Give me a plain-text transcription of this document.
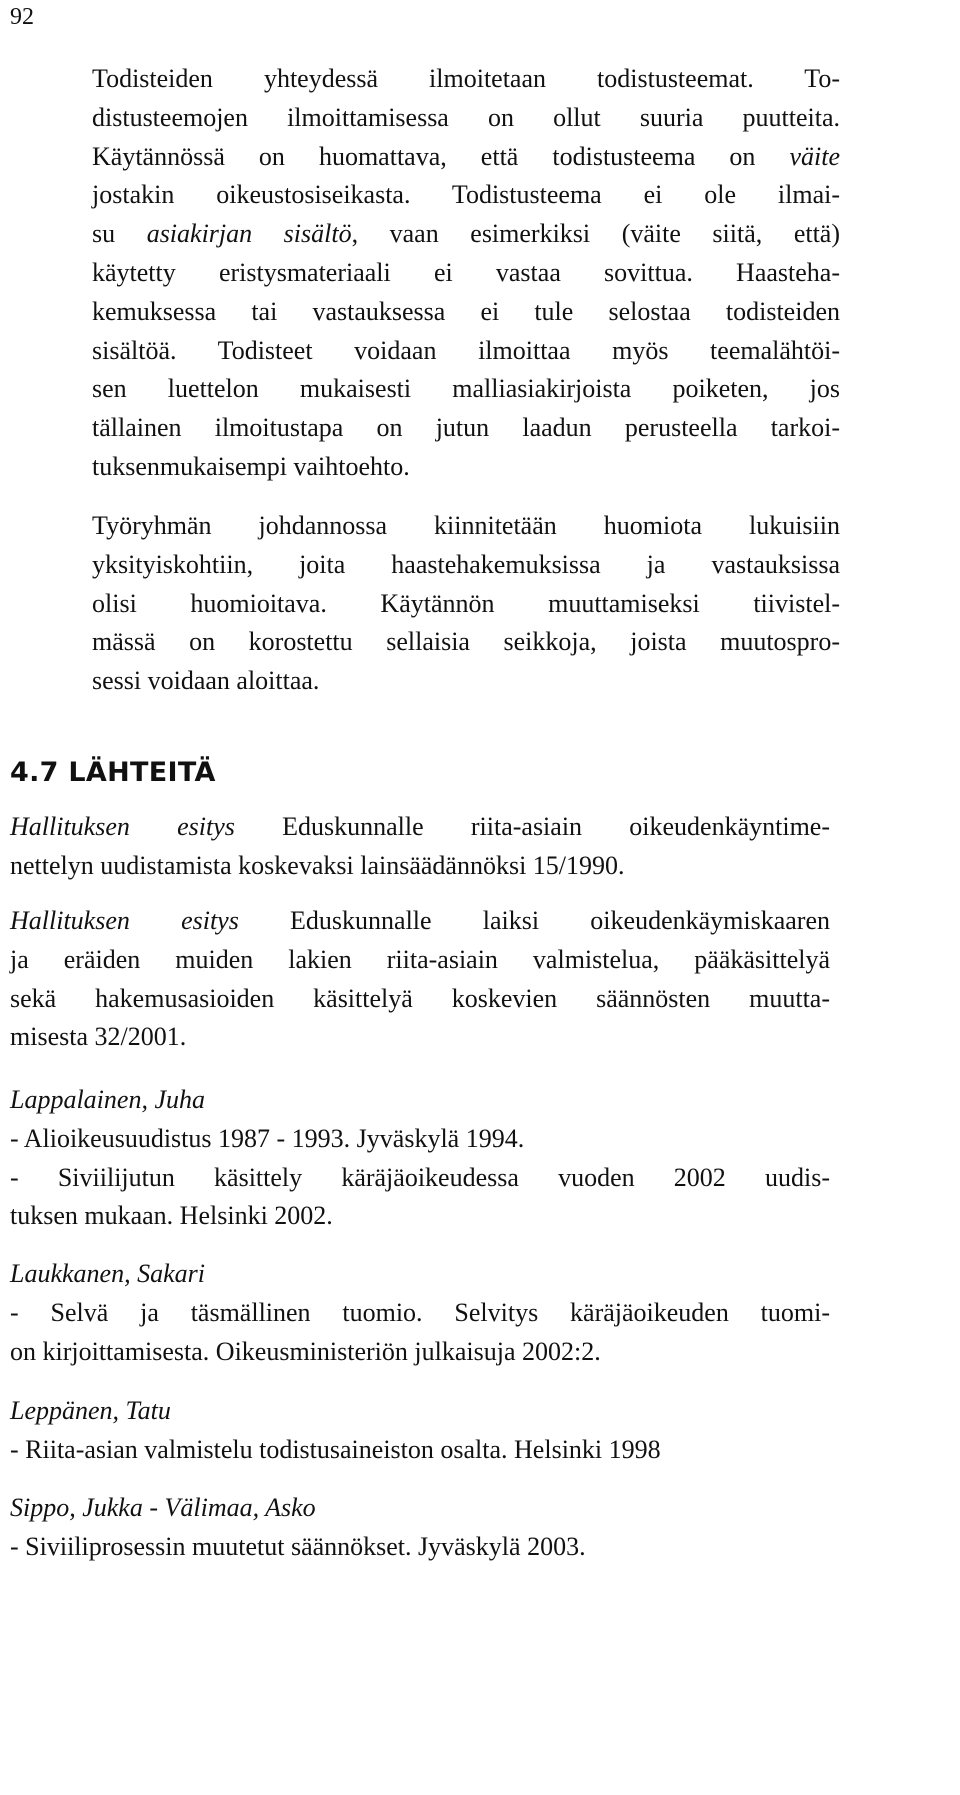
92
Todisteiden yhteydessä ilmoitetaan todistusteemat. To-
distusteemojen ilmoittamisessa on ollut suuria puutteita.
Käytännössä on huomattava, että todistusteema on väite
jostakin oikeustosiseikasta. Todistusteema ei ole ilmai-
su asiakirjan sisältö, vaan esimerkiksi (väite siitä, että)
käytetty eristysmateriaali ei vastaa sovittua. Haasteha-
kemuksessa tai vastauksessa ei tule selostaa todisteiden
sisältöä. Todisteet voidaan ilmoittaa myös teemalähtöi-
sen luettelon mukaisesti malliasiakirjoista poiketen, jos
tällainen ilmoitustapa on jutun laadun perusteella tarkoi-
tuksenmukaisempi vaihtoehto.
Työryhmän johdannossa kiinnitetään huomiota lukuisiin
yksityiskohtiin, joita haastehakemuksissa ja vastauksissa
olisi huomioitava. Käytännön muuttamiseksi tiivistel-
mässä on korostettu sellaisia seikkoja, joista muutospro-
sessi voidaan aloittaa.
4.7 LÄHTEITÄ
Hallituksen esitys Eduskunnalle riita-asiain oikeudenkäyntime-
nettelyn uudistamista koskevaksi lainsäädännöksi 15/1990.
Hallituksen esitys Eduskunnalle laiksi oikeudenkäymiskaaren
ja eräiden muiden lakien riita-asiain valmistelua, pääkäsittelyä
sekä hakemusasioiden käsittelyä koskevien säännösten muutta-
misesta 32/2001.
Lappalainen, Juha
- Alioikeusuudistus 1987 - 1993. Jyväskylä 1994.
- Siviilijutun käsittely käräjäoikeudessa vuoden 2002 uudis-
tuksen mukaan. Helsinki 2002.
Laukkanen, Sakari
- Selvä ja täsmällinen tuomio. Selvitys käräjäoikeuden tuomi-
on kirjoittamisesta. Oikeusministeriön julkaisuja 2002:2.
Leppänen, Tatu
- Riita-asian valmistelu todistusaineiston osalta. Helsinki 1998
Sippo, Jukka - Välimaa, Asko
- Siviiliprosessin muutetut säännökset. Jyväskylä 2003.
